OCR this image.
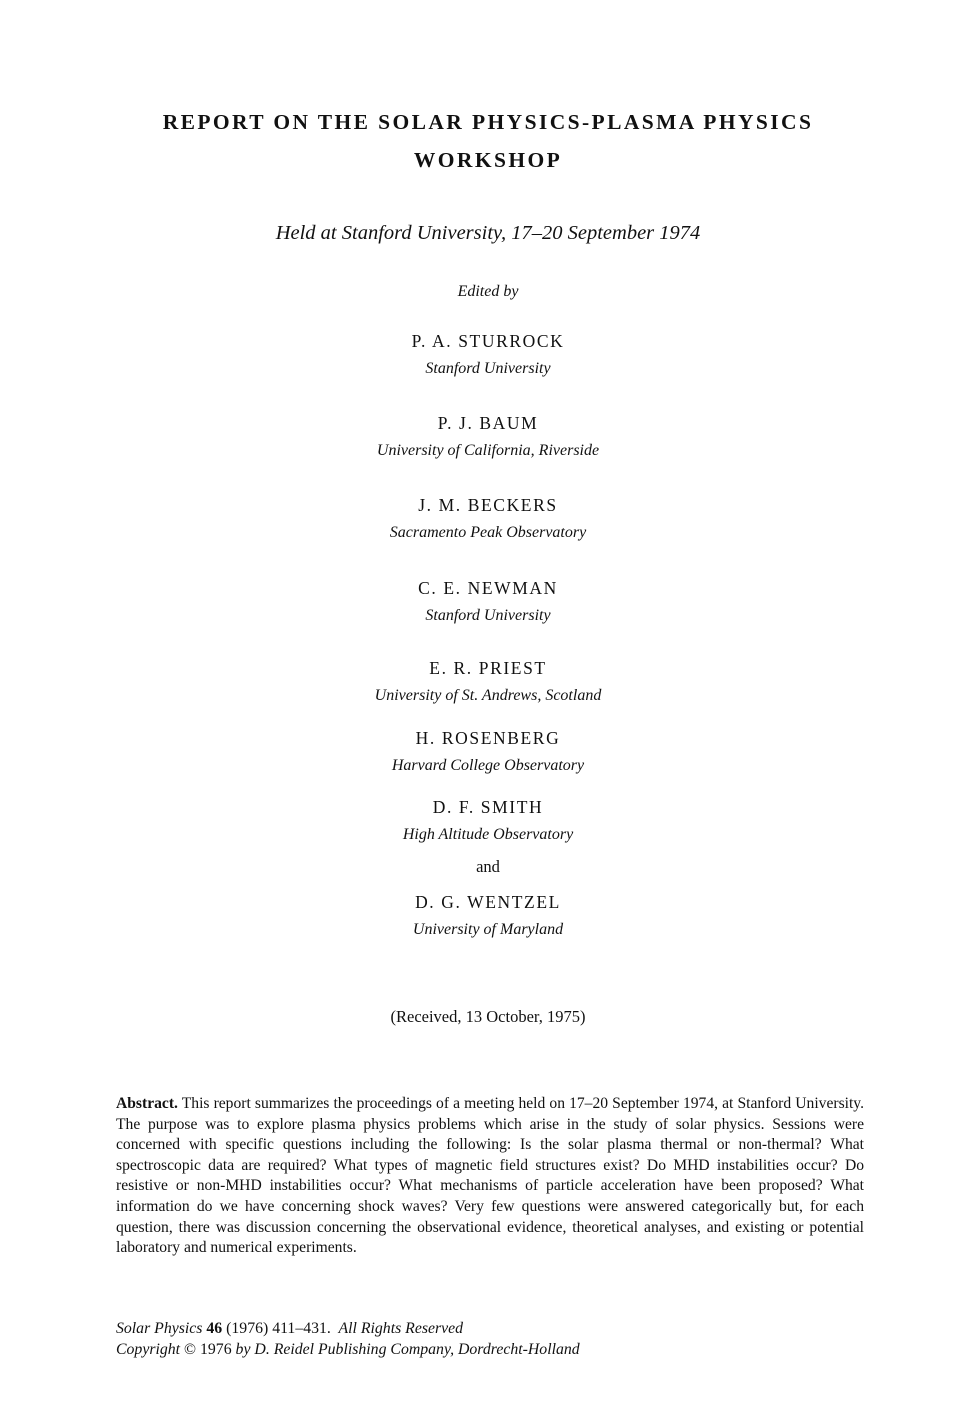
REPORT ON THE SOLAR PHYSICS-PLASMA PHYSICS
WORKSHOP

Held at Stanford University, 17–20 September 1974

Edited by

P. A. STURROCK
Stanford University
P. J. BAUM
University of California, Riverside
J. M. BECKERS
Sacramento Peak Observatory
C. E. NEWMAN
Stanford University
E. R. PRIEST
University of St. Andrews, Scotland
H. ROSENBERG
Harvard College Observatory
D. F. SMITH
High Altitude Observatory

and

D. G. WENTZEL
University of Maryland

(Received, 13 October, 1975)

Abstract. This report summarizes the proceedings of a meeting held on 17–20 September 1974, at Stanford University. The purpose was to explore plasma physics problems which arise in the study of solar physics. Sessions were concerned with specific questions including the following: Is the solar plasma thermal or non-thermal? What spectroscopic data are required? What types of magnetic field structures exist? Do MHD instabilities occur? Do resistive or non-MHD instabilities occur? What mechanisms of particle acceleration have been proposed? What information do we have concerning shock waves? Very few questions were answered categorically but, for each question, there was discussion concerning the observational evidence, theoretical analyses, and existing or potential laboratory and numerical experiments.

Solar Physics 46 (1976) 411–431. All Rights Reserved
Copyright © 1976 by D. Reidel Publishing Company, Dordrecht-Holland
